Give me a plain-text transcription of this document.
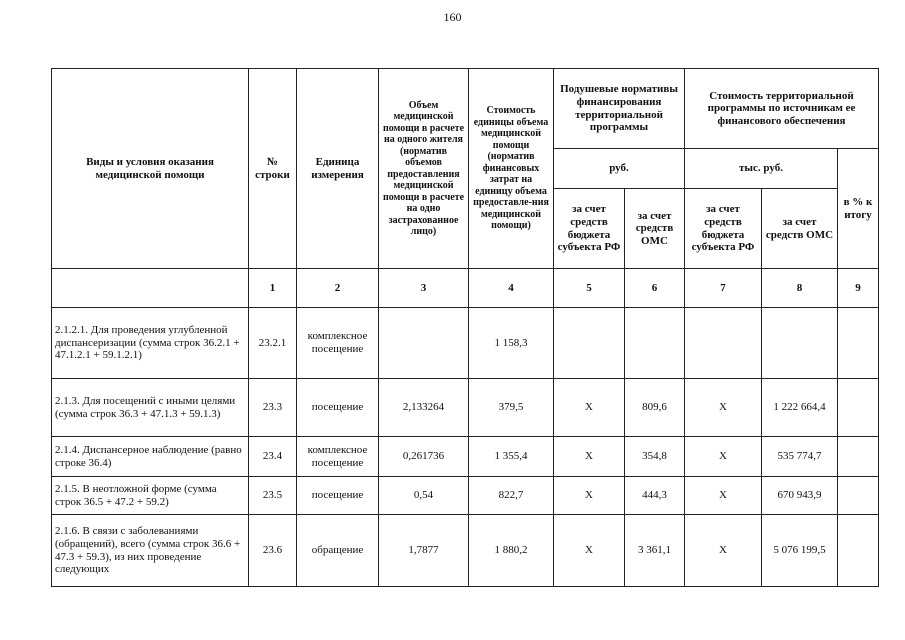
160
Виды и условия оказания медицинской помощи	№ строки	Единица измерения	Объем медицинской помощи в расчете на одного жителя (норматив объемов предоставления медицинской помощи в расчете на одно застрахованное лицо)	Стоимость единицы объема медицинской помощи (норматив финансовых затрат на единицу объема предоставле-ния медицинской помощи)	Подушевые нормативы финансирования территориальной программы		Стоимость территориальной программы по источникам ее финансового обеспечения		
					руб.		тыс. руб.		в % к итогу
					за счет средств бюджета субъекта РФ	за счет средств ОМС	за счет средств бюджета субъекта РФ	за счет средств ОМС	
	1	2	3	4	5	6	7	8	9
2.1.2.1. Для проведения углубленной диспансеризации (сумма строк 36.2.1 + 47.1.2.1 + 59.1.2.1)	23.2.1	комплексное посещение		1 158,3					
2.1.3. Для посещений с иными целями (сумма строк 36.3 + 47.1.3 + 59.1.3)	23.3	посещение	2,133264	379,5	X	809,6	X	1 222 664,4	
2.1.4. Диспансерное наблюдение (равно строке 36.4)	23.4	комплексное посещение	0,261736	1 355,4	X	354,8	X	535 774,7	
2.1.5. В неотложной форме (сумма строк 36.5 + 47.2 + 59.2)	23.5	посещение	0,54	822,7	X	444,3	X	670 943,9	
2.1.6. В связи с заболеваниями (обращений), всего (сумма строк 36.6 + 47.3 + 59.3), из них проведение следующих	23.6	обращение	1,7877	1 880,2	X	3 361,1	X	5 076 199,5	
